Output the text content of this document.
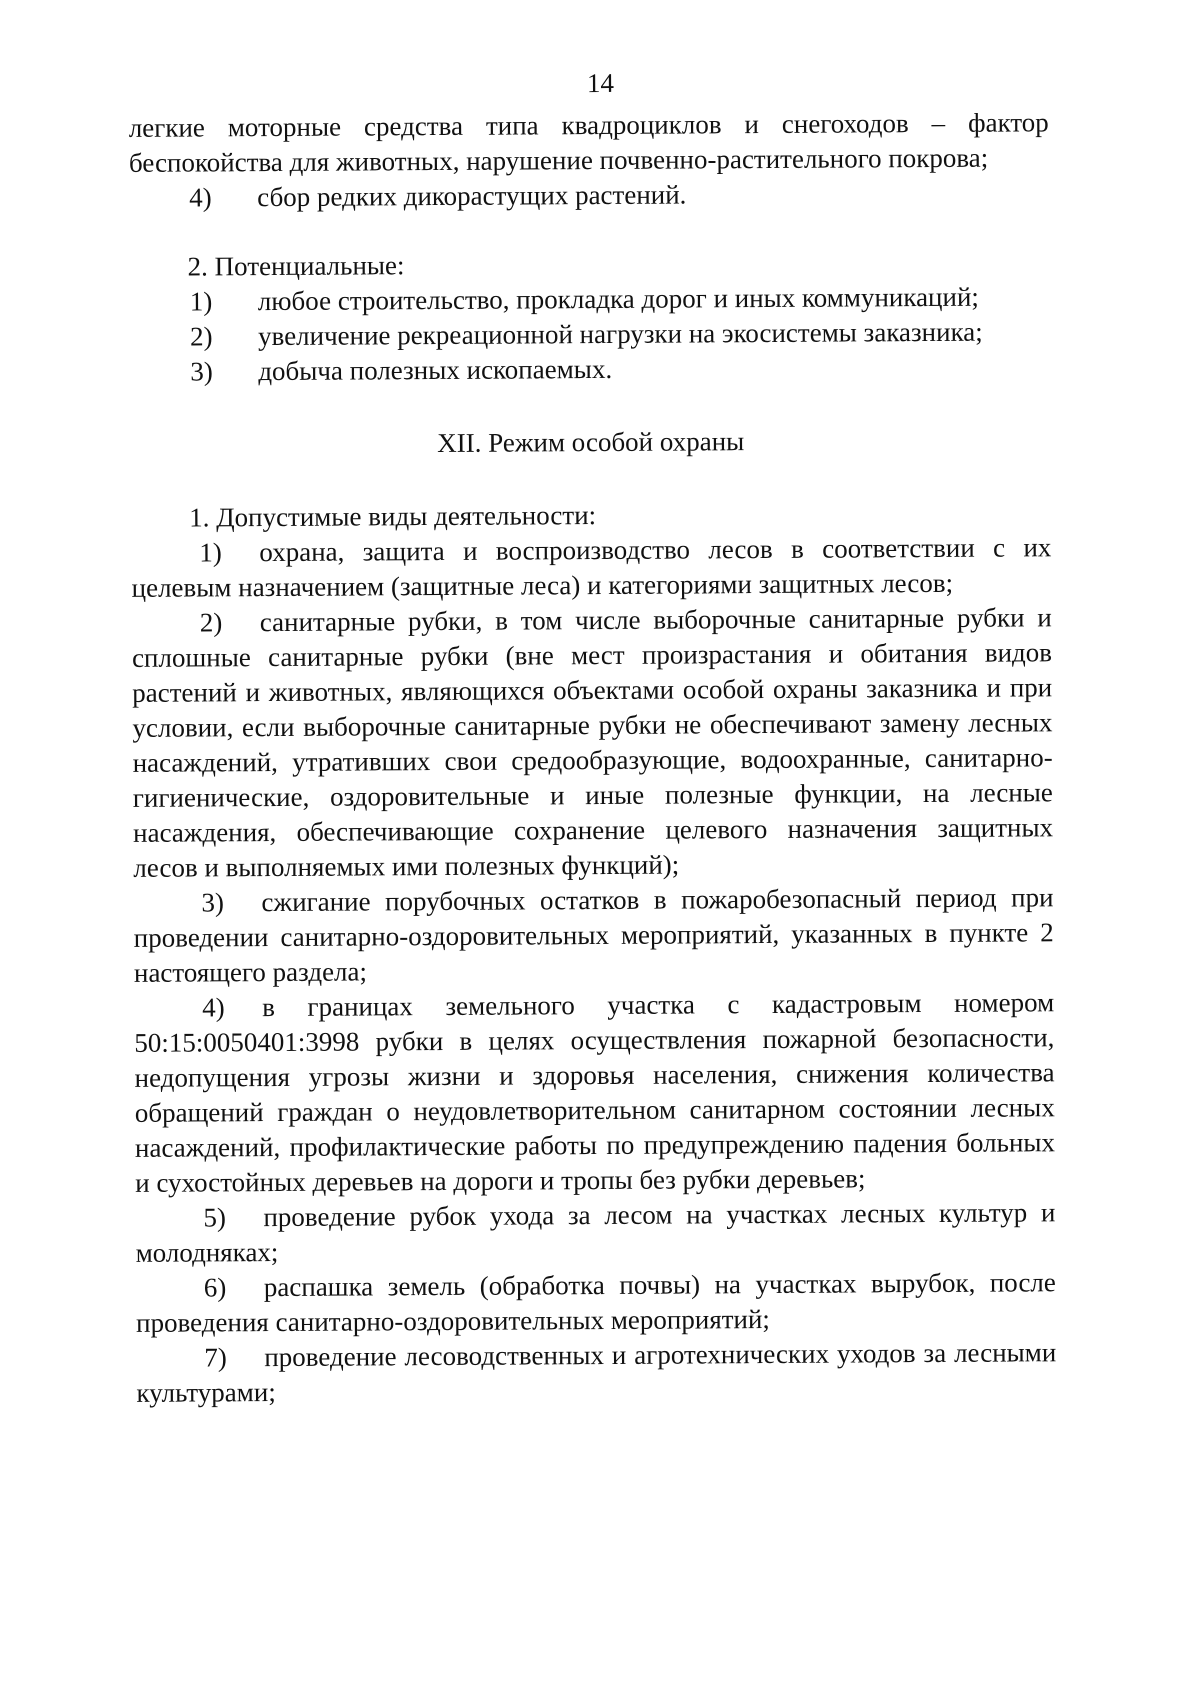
14

легкие моторные средства типа квадроциклов и снегоходов – фактор беспокойства для животных, нарушение почвенно-растительного покрова;

4)	сбор редких дикорастущих растений.

2. Потенциальные:

1)	любое строительство, прокладка дорог и иных коммуникаций;
2)	увеличение рекреационной нагрузки на экосистемы заказника;
3)	добыча полезных ископаемых.

XII. Режим особой охраны

1. Допустимые виды деятельности:

1) охрана, защита и воспроизводство лесов в соответствии с их целевым назначением (защитные леса) и категориями защитных лесов;

2) санитарные рубки, в том числе выборочные санитарные рубки и сплошные санитарные рубки (вне мест произрастания и обитания видов растений и животных, являющихся объектами особой охраны заказника и при условии, если выборочные санитарные рубки не обеспечивают замену лесных насаждений, утративших свои средообразующие, водоохранные, санитарно-гигиенические, оздоровительные и иные полезные функции, на лесные насаждения, обеспечивающие сохранение целевого назначения защитных лесов и выполняемых ими полезных функций);

3) сжигание порубочных остатков в пожаробезопасный период при проведении санитарно-оздоровительных мероприятий, указанных в пункте 2 настоящего раздела;

4) в границах земельного участка с кадастровым номером 50:15:0050401:3998 рубки в целях осуществления пожарной безопасности, недопущения угрозы жизни и здоровья населения, снижения количества обращений граждан о неудовлетворительном санитарном состоянии лесных насаждений, профилактические работы по предупреждению падения больных и сухостойных деревьев на дороги и тропы без рубки деревьев;

5) проведение рубок ухода за лесом на участках лесных культур и молодняках;

6) распашка земель (обработка почвы) на участках вырубок, после проведения санитарно-оздоровительных мероприятий;

7) проведение лесоводственных и агротехнических уходов за лесными культурами;
